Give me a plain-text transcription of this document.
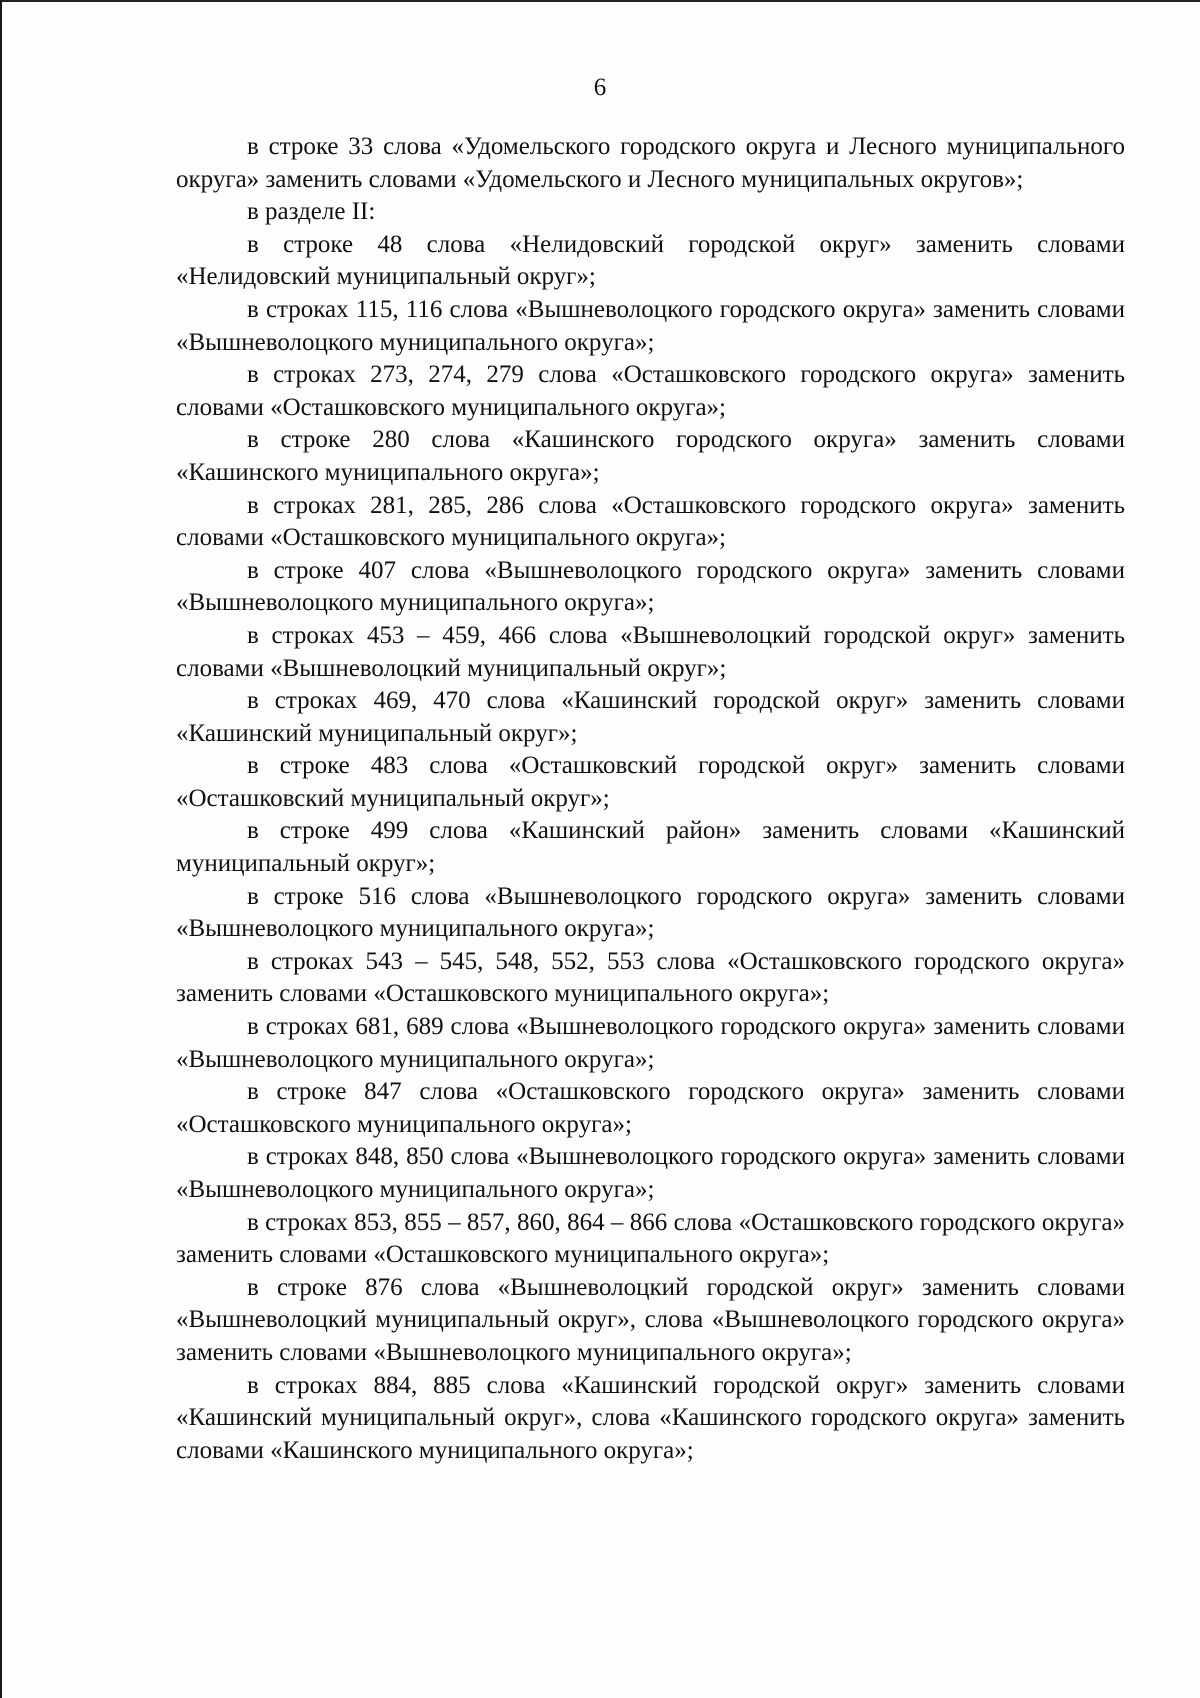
6

в строке 33 слова «Удомельского городского округа и Лесного муниципального округа» заменить словами «Удомельского и Лесного муниципальных округов»;

в разделе II:

в строке 48 слова «Нелидовский городской округ» заменить словами «Нелидовский муниципальный округ»;

в строках 115, 116 слова «Вышневолоцкого городского округа» заменить словами «Вышневолоцкого муниципального округа»;

в строках 273, 274, 279 слова «Осташковского городского округа» заменить словами «Осташковского муниципального округа»;

в строке 280 слова «Кашинского городского округа» заменить словами «Кашинского муниципального округа»;

в строках 281, 285, 286 слова «Осташковского городского округа» заменить словами «Осташковского муниципального округа»;

в строке 407 слова «Вышневолоцкого городского округа» заменить словами «Вышневолоцкого муниципального округа»;

в строках 453 – 459, 466 слова «Вышневолоцкий городской округ» заменить словами «Вышневолоцкий муниципальный округ»;

в строках 469, 470 слова «Кашинский городской округ» заменить словами «Кашинский муниципальный округ»;

в строке 483 слова «Осташковский городской округ» заменить словами «Осташковский муниципальный округ»;

в строке 499 слова «Кашинский район» заменить словами «Кашинский муниципальный округ»;

в строке 516 слова «Вышневолоцкого городского округа» заменить словами «Вышневолоцкого муниципального округа»;

в строках 543 – 545, 548, 552, 553 слова «Осташковского городского округа» заменить словами «Осташковского муниципального округа»;

в строках 681, 689 слова «Вышневолоцкого городского округа» заменить словами «Вышневолоцкого муниципального округа»;

в строке 847 слова «Осташковского городского округа» заменить словами «Осташковского муниципального округа»;

в строках 848, 850 слова «Вышневолоцкого городского округа» заменить словами «Вышневолоцкого муниципального округа»;

в строках 853, 855 – 857, 860, 864 – 866 слова «Осташковского городского округа» заменить словами «Осташковского муниципального округа»;

в строке 876 слова «Вышневолоцкий городской округ» заменить словами «Вышневолоцкий муниципальный округ», слова «Вышневолоцкого городского округа» заменить словами «Вышневолоцкого муниципального округа»;

в строках 884, 885 слова «Кашинский городской округ» заменить словами «Кашинский муниципальный округ», слова «Кашинского городского округа» заменить словами «Кашинского муниципального округа»;
